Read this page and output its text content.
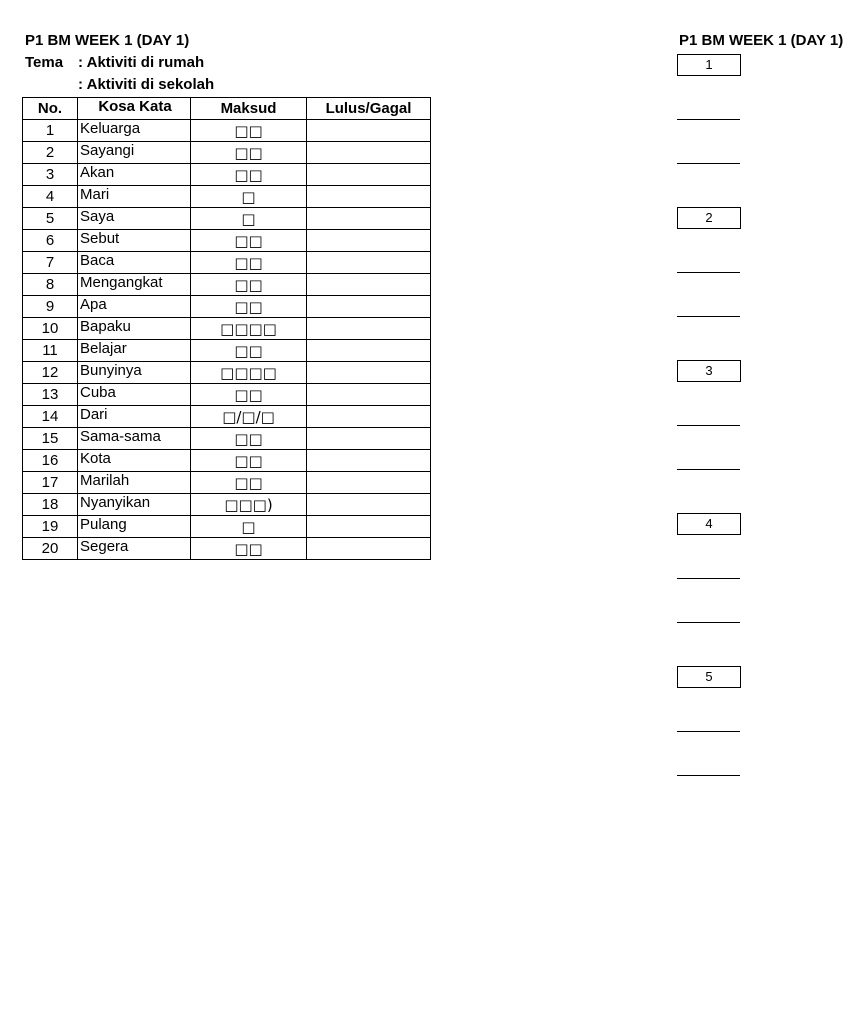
P1 BM WEEK 1 (DAY 1)
Tema : Aktiviti di rumah
: Aktiviti di sekolah
P1 BM WEEK 1 (DAY 1)
No.	Kosa Kata	Maksud	Lulus/Gagal
1	Keluarga	□□	
2	Sayangi	□□	
3	Akan	□□	
4	Mari	□	
5	Saya	□	
6	Sebut	□□	
7	Baca	□□	
8	Mengangkat	□□	
9	Apa	□□	
10	Bapaku	□□□□	
11	Belajar	□□	
12	Bunyinya	□□□□	
13	Cuba	□□	
14	Dari	□/□/□	
15	Sama-sama	□□	
16	Kota	□□	
17	Marilah	□□	
18	Nyanyikan	□□□)	
19	Pulang	□	
20	Segera	□□	
1
2
3
4
5
